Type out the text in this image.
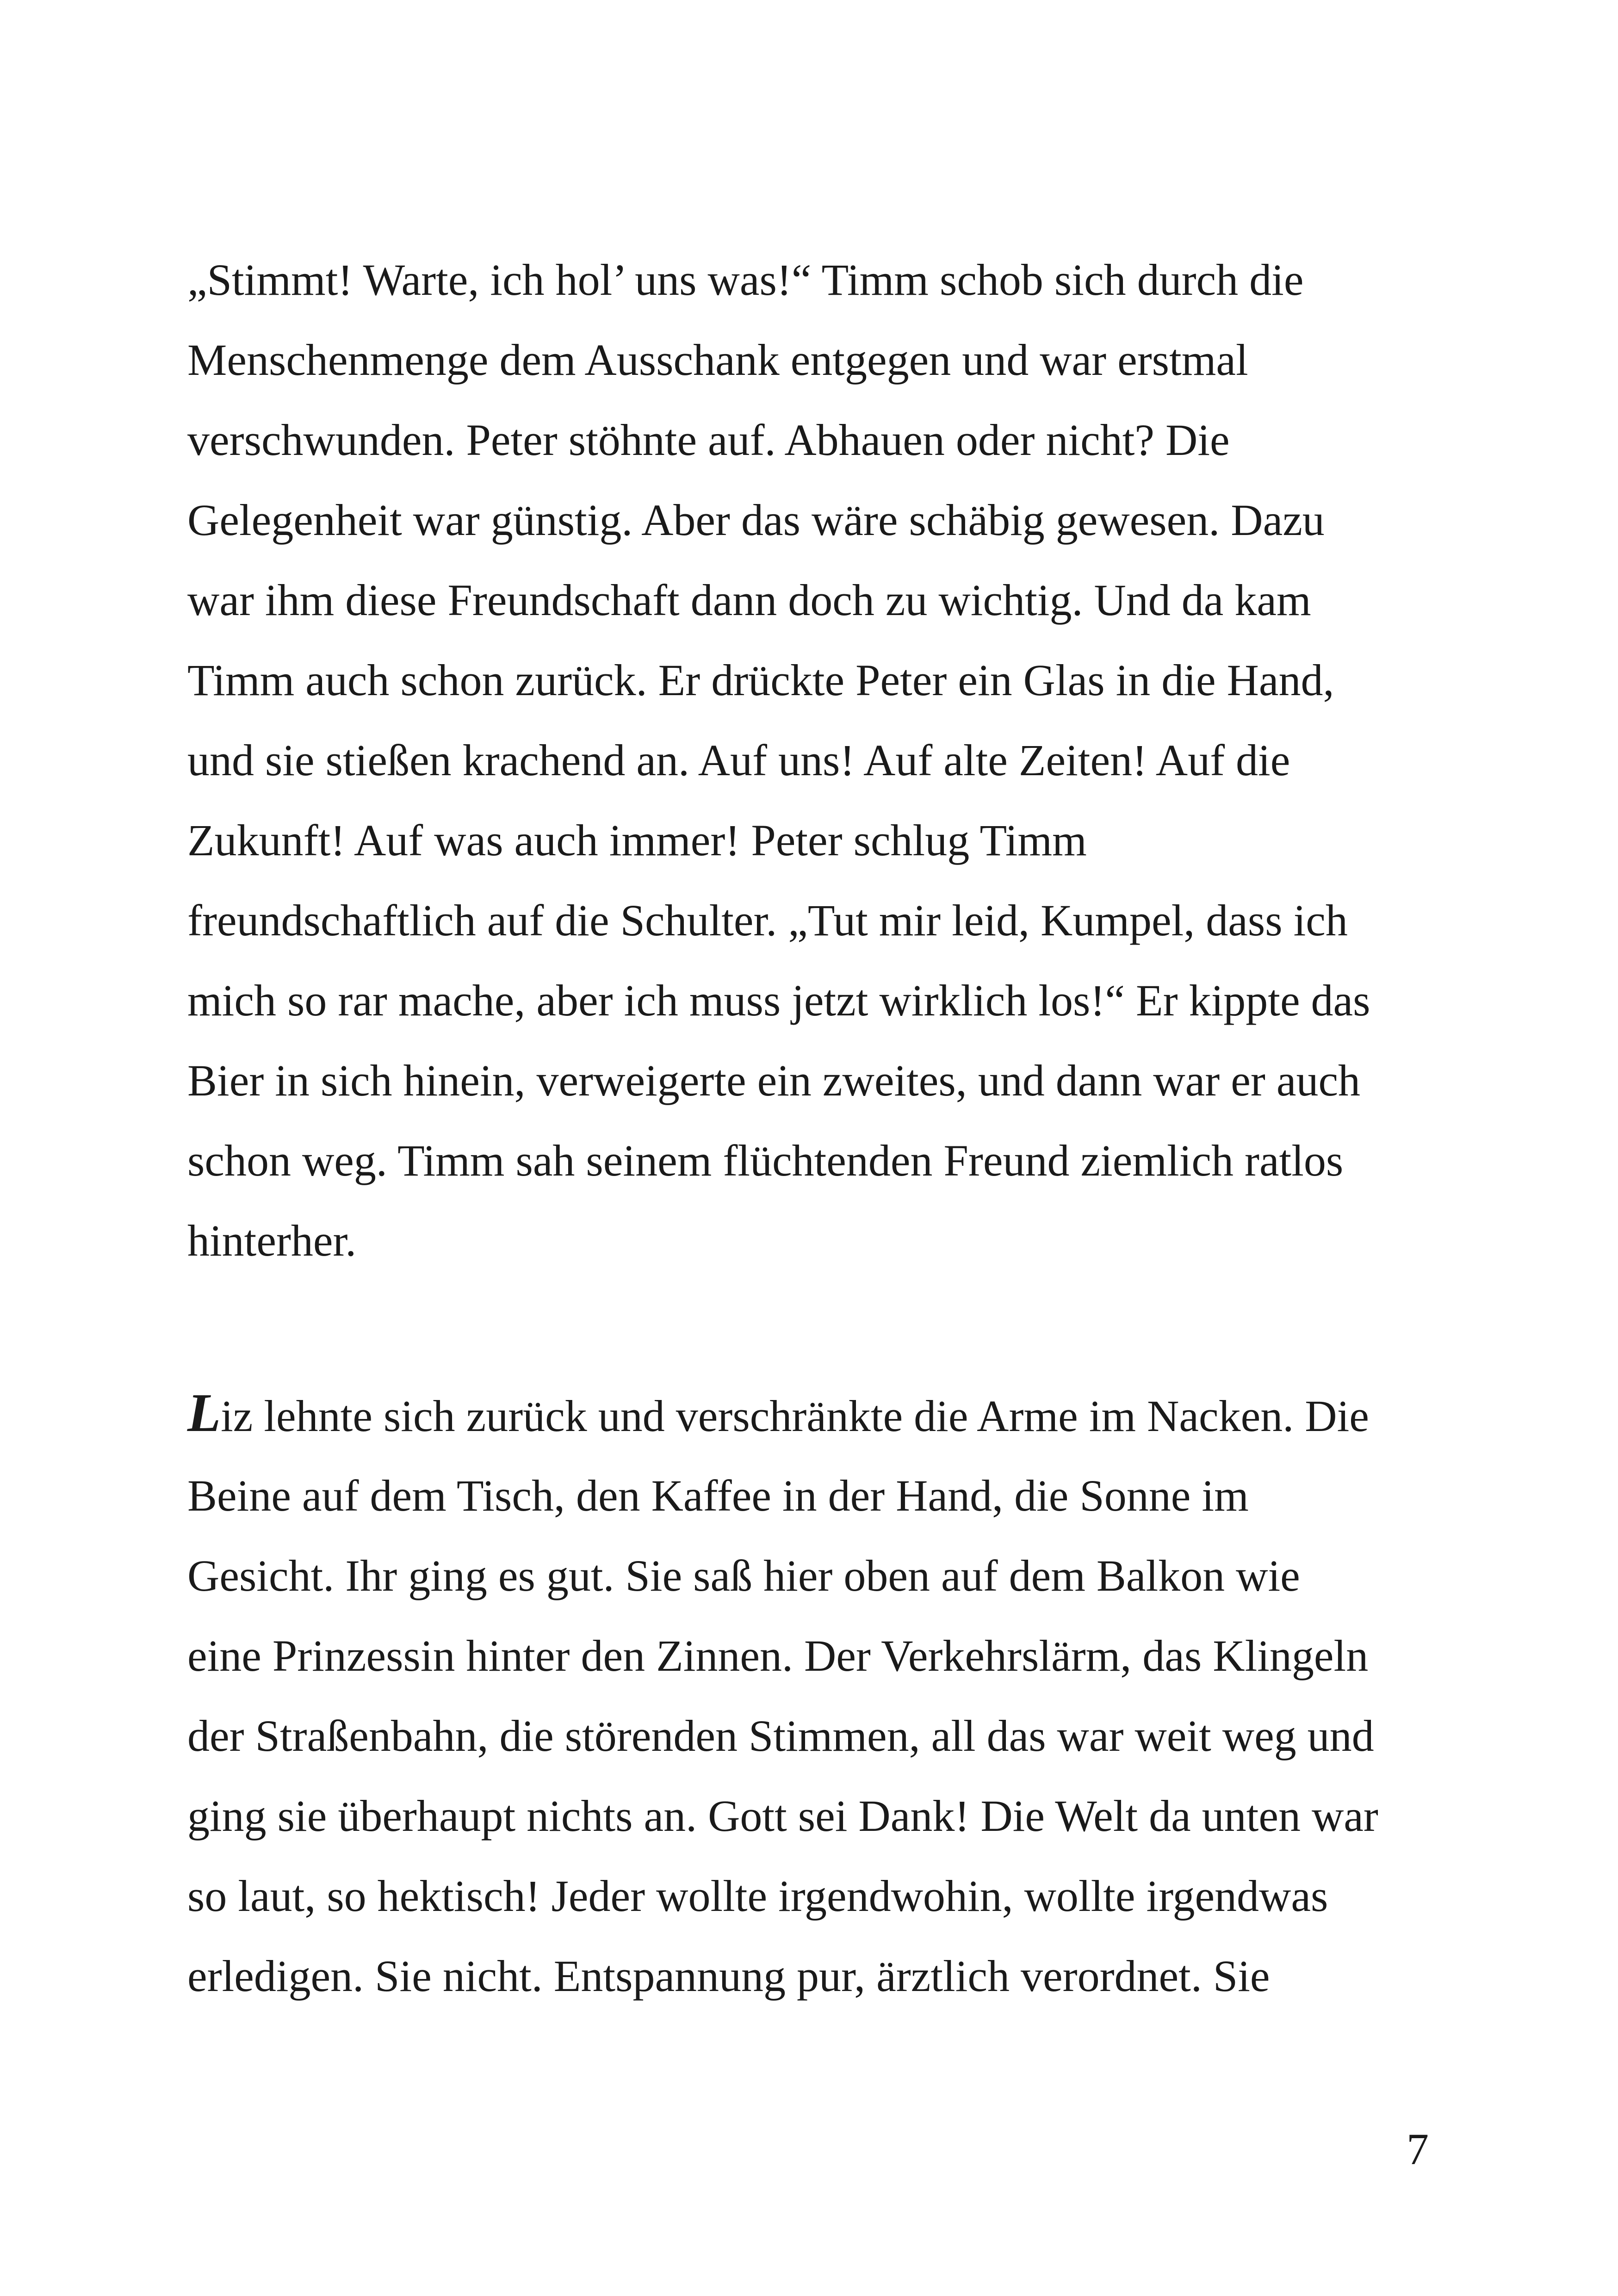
„Stimmt! Warte, ich hol’ uns was!“ Timm schob sich durch die
Menschenmenge dem Ausschank entgegen und war erstmal
verschwunden. Peter stöhnte auf. Abhauen oder nicht? Die
Gelegenheit war günstig. Aber das wäre schäbig gewesen. Dazu
war ihm diese Freundschaft dann doch zu wichtig. Und da kam
Timm auch schon zurück. Er drückte Peter ein Glas in die Hand,
und sie stießen krachend an. Auf uns! Auf alte Zeiten! Auf die
Zukunft! Auf was auch immer! Peter schlug Timm
freundschaftlich auf die Schulter. „Tut mir leid, Kumpel, dass ich
mich so rar mache, aber ich muss jetzt wirklich los!“ Er kippte das
Bier in sich hinein, verweigerte ein zweites, und dann war er auch
schon weg. Timm sah seinem flüchtenden Freund ziemlich ratlos
hinterher.
Liz lehnte sich zurück und verschränkte die Arme im Nacken. Die
Beine auf dem Tisch, den Kaffee in der Hand, die Sonne im
Gesicht. Ihr ging es gut. Sie saß hier oben auf dem Balkon wie
eine Prinzessin hinter den Zinnen. Der Verkehrslärm, das Klingeln
der Straßenbahn, die störenden Stimmen, all das war weit weg und
ging sie überhaupt nichts an. Gott sei Dank! Die Welt da unten war
so laut, so hektisch! Jeder wollte irgendwohin, wollte irgendwas
erledigen. Sie nicht. Entspannung pur, ärztlich verordnet. Sie
7
